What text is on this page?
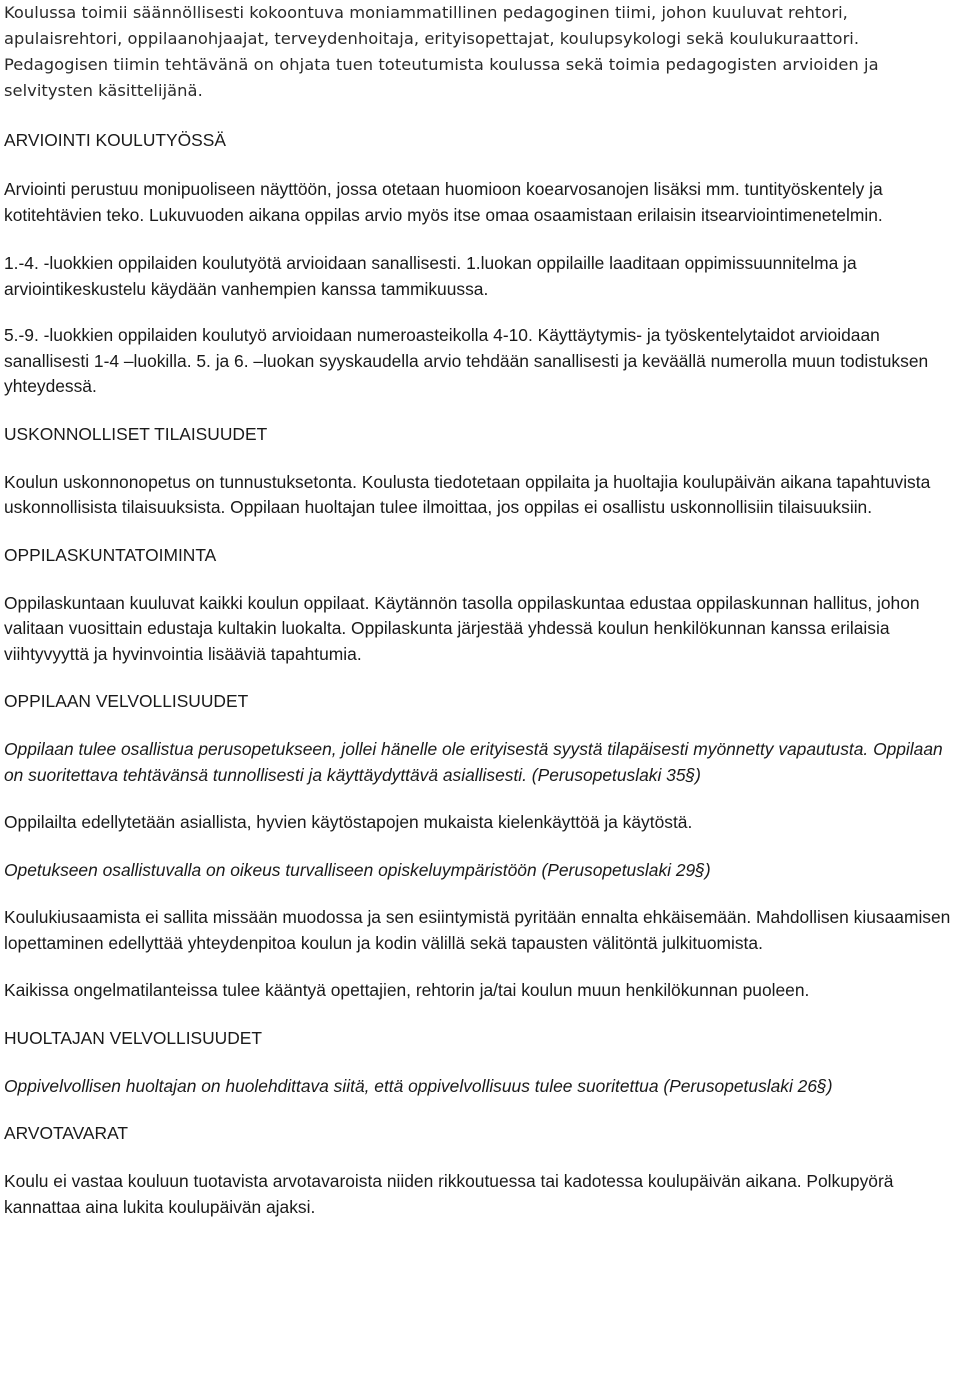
Koulussa toimii säännöllisesti kokoontuva moniammatillinen pedagoginen tiimi, johon kuuluvat rehtori, apulaisrehtori, oppilaanohjaajat, terveydenhoitaja, erityisopettajat, koulupsykologi sekä koulukuraattori. Pedagogisen tiimin tehtävänä on ohjata tuen toteutumista koulussa sekä toimia pedagogisten arvioiden ja selvitysten käsittelijänä.

ARVIOINTI KOULUTYÖSSÄ

Arviointi perustuu monipuoliseen näyttöön, jossa otetaan huomioon koearvosanojen lisäksi mm. tuntityöskentely ja kotitehtävien teko. Lukuvuoden aikana oppilas arvio myös itse omaa osaamistaan erilaisin itsearviointimenetelmin.

1.-4. -luokkien oppilaiden koulutyötä arvioidaan sanallisesti. 1.luokan oppilaille laaditaan oppimissuunnitelma ja arviointikeskustelu käydään vanhempien kanssa tammikuussa.

5.-9. -luokkien oppilaiden koulutyö arvioidaan numeroasteikolla 4-10. Käyttäytymis- ja työskentelytaidot arvioidaan sanallisesti 1-4 –luokilla. 5. ja 6. –luokan syyskaudella arvio tehdään sanallisesti ja keväällä numerolla muun todistuksen yhteydessä.

USKONNOLLISET TILAISUUDET

Koulun uskonnonopetus on tunnustuksetonta. Koulusta tiedotetaan oppilaita ja huoltajia koulupäivän aikana tapahtuvista uskonnollisista tilaisuuksista. Oppilaan huoltajan tulee ilmoittaa, jos oppilas ei osallistu uskonnollisiin tilaisuuksiin.

OPPILASKUNTATOIMINTA

Oppilaskuntaan kuuluvat kaikki koulun oppilaat. Käytännön tasolla oppilaskuntaa edustaa oppilaskunnan hallitus, johon valitaan vuosittain edustaja kultakin luokalta. Oppilaskunta järjestää yhdessä koulun henkilökunnan kanssa erilaisia viihtyvyyttä ja hyvinvointia lisääviä tapahtumia.

OPPILAAN VELVOLLISUUDET

Oppilaan tulee osallistua perusopetukseen, jollei hänelle ole erityisestä syystä tilapäisesti myönnetty vapautusta. Oppilaan on suoritettava tehtävänsä tunnollisesti ja käyttäydyttävä asiallisesti. (Perusopetuslaki 35§)

Oppilailta edellytetään asiallista, hyvien käytöstapojen mukaista kielenkäyttöä ja käytöstä.

Opetukseen osallistuvalla on oikeus turvalliseen opiskeluympäristöön (Perusopetuslaki 29§)

Koulukiusaamista ei sallita missään muodossa ja sen esiintymistä pyritään ennalta ehkäisemään. Mahdollisen kiusaamisen lopettaminen edellyttää yhteydenpitoa koulun ja kodin välillä sekä tapausten välitöntä julkituomista.

Kaikissa ongelmatilanteissa tulee kääntyä opettajien, rehtorin ja/tai koulun muun henkilökunnan puoleen.

HUOLTAJAN VELVOLLISUUDET

Oppivelvollisen huoltajan on huolehdittava siitä, että oppivelvollisuus tulee suoritettua (Perusopetuslaki 26§)

ARVOTAVARAT

Koulu ei vastaa kouluun tuotavista arvotavaroista niiden rikkoutuessa tai kadotessa koulupäivän aikana. Polkupyörä kannattaa aina lukita koulupäivän ajaksi.
